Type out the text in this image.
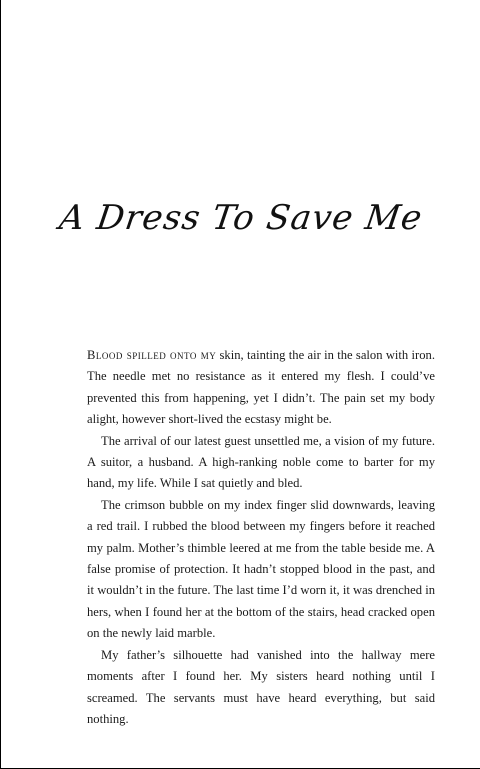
A Dress To Save Me

Blood spilled onto my skin, tainting the air in the salon with iron. The needle met no resistance as it entered my flesh. I could’ve prevented this from happening, yet I didn’t. The pain set my body alight, however short-lived the ecstasy might be.

The arrival of our latest guest unsettled me, a vision of my future. A suitor, a husband. A high-ranking noble come to barter for my hand, my life. While I sat quietly and bled.

The crimson bubble on my index finger slid downwards, leaving a red trail. I rubbed the blood between my fingers before it reached my palm. Mother’s thimble leered at me from the table beside me. A false promise of protection. It hadn’t stopped blood in the past, and it wouldn’t in the future. The last time I’d worn it, it was drenched in hers, when I found her at the bottom of the stairs, head cracked open on the newly laid marble.

My father’s silhouette had vanished into the hallway mere moments after I found her. My sisters heard nothing until I screamed. The servants must have heard everything, but said nothing.
